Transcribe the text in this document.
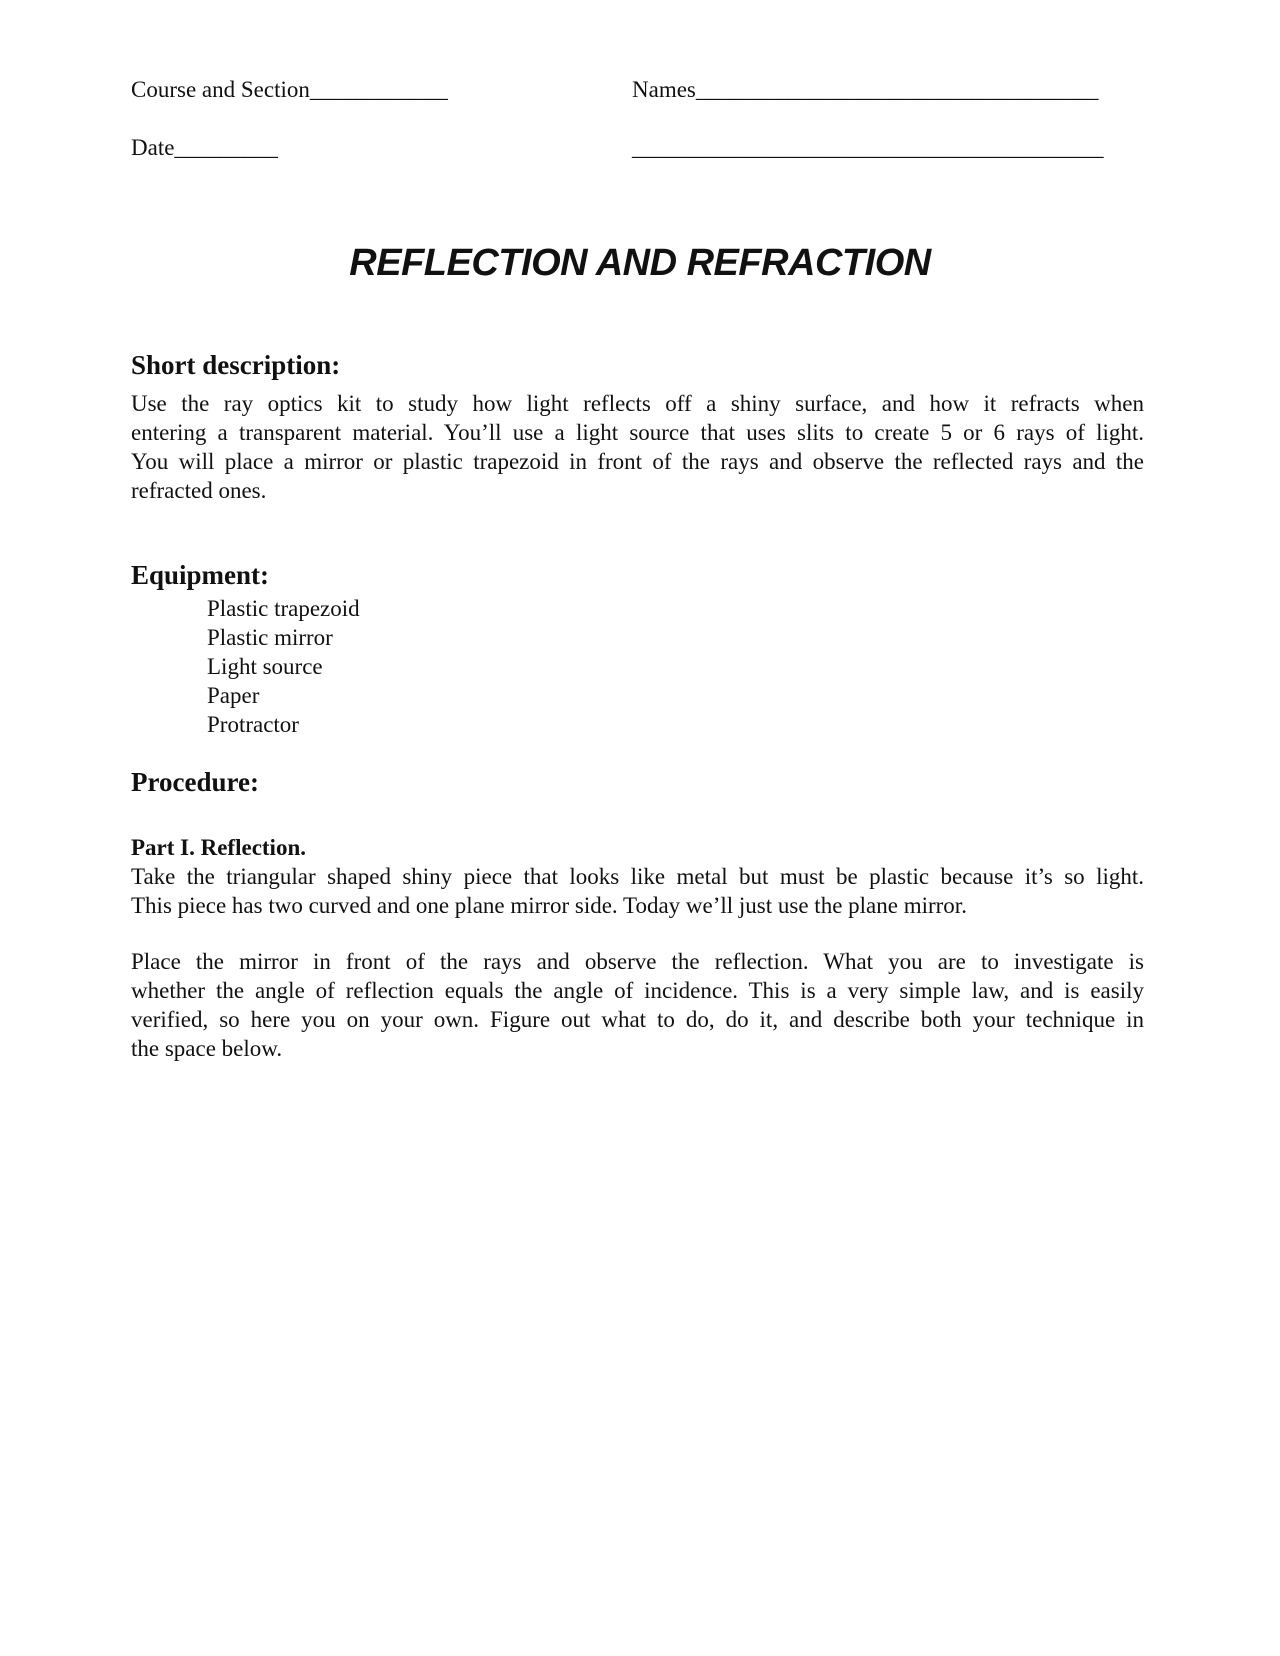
Course and Section____________	Names___________________________________
Date_________	_________________________________________
REFLECTION AND REFRACTION
Short description:
Use the ray optics kit to study how light reflects off a shiny surface, and how it refracts when
entering a transparent material. You’ll use a light source that uses slits to create 5 or 6 rays of light.
You will place a mirror or plastic trapezoid in front of the rays and observe the reflected rays and the
refracted ones.
Equipment:
Plastic trapezoid
Plastic mirror
Light source
Paper
Protractor
Procedure:
Part I. Reflection.
Take the triangular shaped shiny piece that looks like metal but must be plastic because it’s so light.
This piece has two curved and one plane mirror side. Today we’ll just use the plane mirror.
Place the mirror in front of the rays and observe the reflection. What you are to investigate is
whether the angle of reflection equals the angle of incidence. This is a very simple law, and is easily
verified, so here you on your own. Figure out what to do, do it, and describe both your technique in
the space below.
